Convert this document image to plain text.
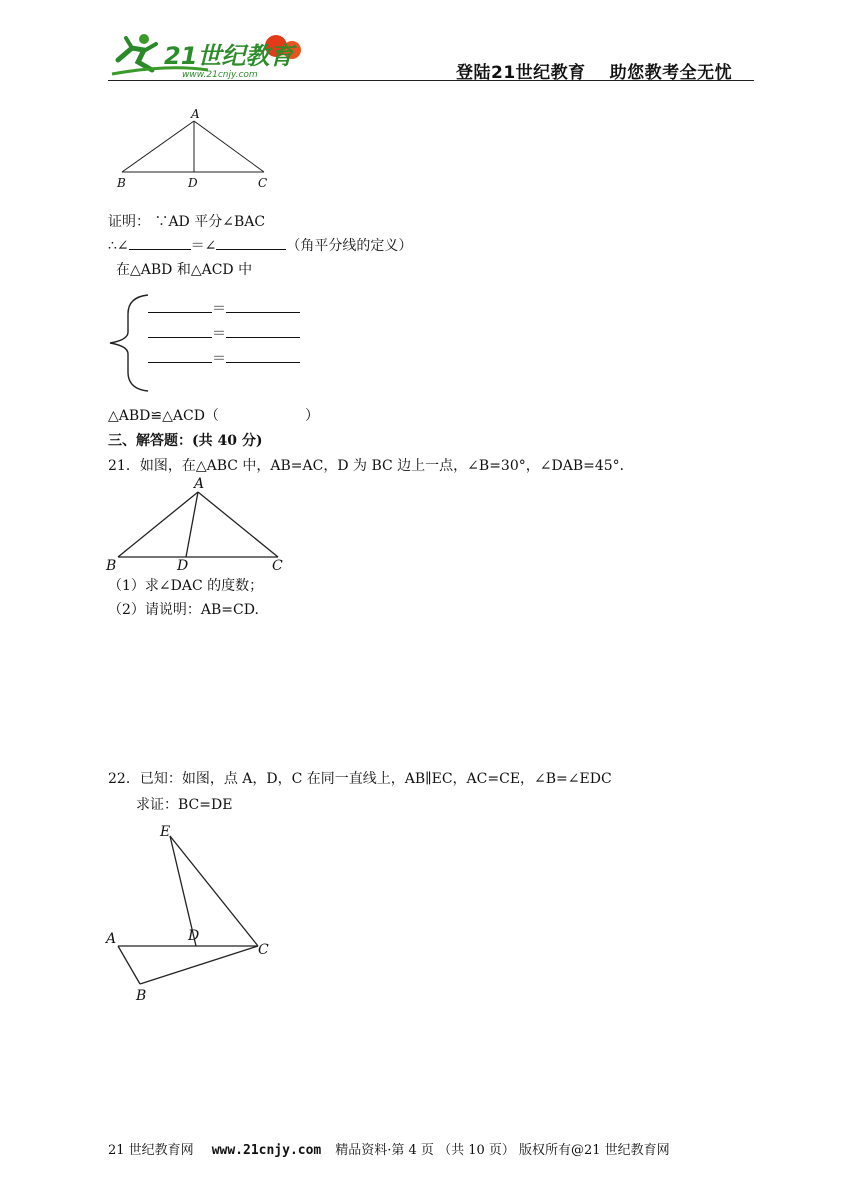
21世纪教育
www.21cnjy.com	登陆21世纪教育 助您教考全无忧
A
B	D	C
证明： ∵AD 平分∠BAC
∴∠	＝∠	（角平分线的定义）
在△ABD 和△ACD 中
＝
＝
＝
△ABD≌△ACD（	）
三、解答题：(共 40 分)
21．如图，在△ABC 中，AB=AC，D 为 BC 边上一点，∠B=30°，∠DAB=45°．
A
B	D	C
（1）求∠DAC 的度数；
（2）请说明：AB=CD.
22．已知：如图，点 A，D，C 在同一直线上，AB∥EC，AC=CE，∠B=∠EDC
求证：BC=DE
E
A	D
C
B
21 世纪教育网 www.21cnjy.com 精品资料·第 4 页 （共 10 页） 版权所有@21 世纪教育网
